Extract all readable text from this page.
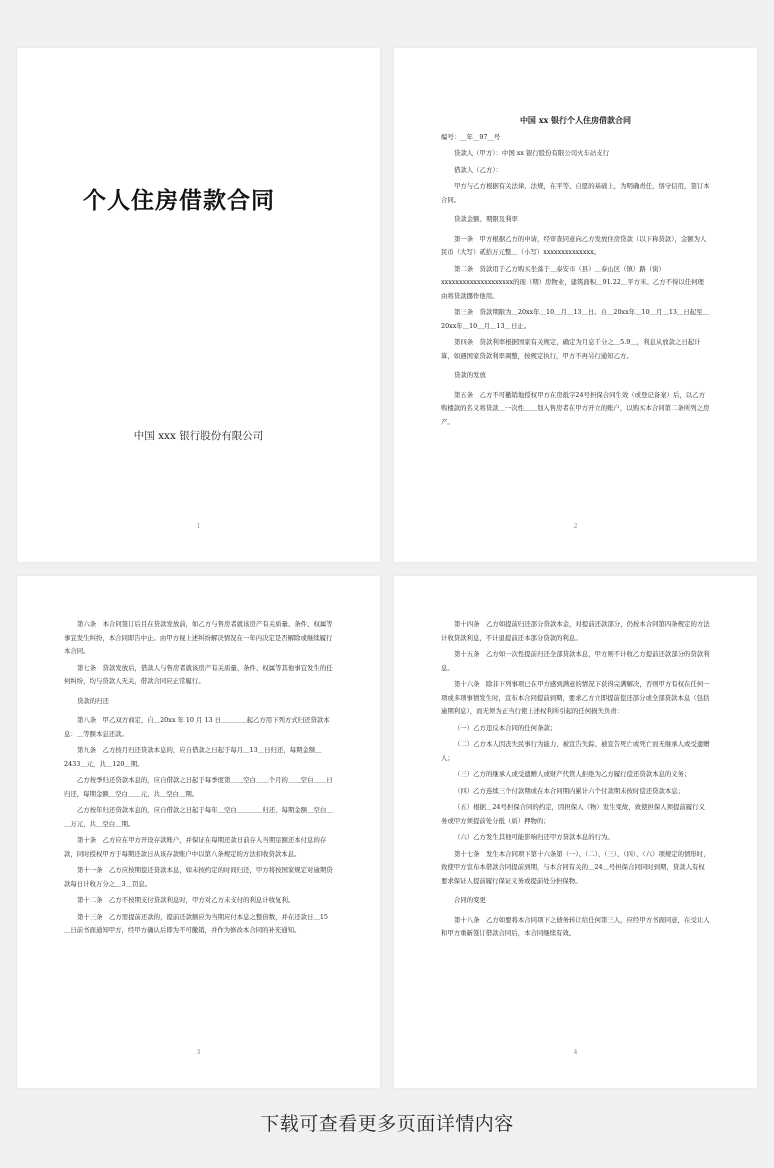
个人住房借款合同
中国 xxx 银行股份有限公司
1

中国 xx 银行个人住房借款合同

编号：__年__97__号

贷款人（甲方）：中国 xx 银行股份有限公司火车站支行

借款人（乙方）：

甲方与乙方根据有关法律、法规，在平等、自愿的基础上，为明确责任，恪守信用，签订本合同。

贷款金额、期限及利率

第一条　甲方根据乙方的申请，经审查同意向乙方发放住房贷款（以下称贷款），金额为人民币（大写）贰拾万元整＿（小写）xxxxxxxxxxxxxx。

第二条　贷款用于乙方购买坐落于＿泰安市（县）＿泰山区（镇）路（街）xxxxxxxxxxxxxxxxxxxx的现（期）房物业，建筑面积＿91.22＿平方米。乙方不得以任何理由将贷款挪作他用。

第三条　贷款期限为＿20xx年＿10＿月＿13＿日。自＿20xx年＿10＿月＿13＿日起至＿20xx年＿10＿月＿13＿日止。

第四条　贷款利率根据国家有关规定，确定为月息千分之＿5.9＿，利息从放款之日起计算，如遇国家贷款利率调整，按规定执行，甲方不再另行通知乙方。

贷款的发放

第五条　乙方不可撤销地授权甲方在房抵字24号担保合同生效（或登记备案）后，以乙方购楼款的名义将贷款＿一次性＿＿划入售房者在甲方开立的账户，以购买本合同第二条所列之房产。

2

第六条　本合同签订后且在贷款发放前，如乙方与售房者就该房产有关质量、条件、权属等事宜发生纠纷，本合同即告中止。由甲方视上述纠纷解决情况在一年内决定是否解除或继续履行本合同。

第七条　贷款发放后，借款人与售房者就该房产有关质量、条件、权属等其他事宜发生的任何纠纷，均与贷款人无关，借款合同应正常履行。

贷款的归还

第八条　甲乙双方商定，自＿20xx 年 10 月 13 日＿＿＿＿起乙方用下列方式归还贷款本息：＿等额本息还款。

第九条　乙方按月归还贷款本息的，应自借款之日起于每月＿13＿日归还，每期金额＿2433＿元，共＿120＿期。

乙方按季归还贷款本息的，应自借款之日起于每季度第＿＿空白＿＿个月的＿＿空白＿＿日归还，每期金额＿空白＿＿元，共＿空白＿期。

乙方按年归还贷款本息的，应自借款之日起于每年＿空白＿＿＿＿归还，每期金额＿空白＿＿万元，共＿空白＿期。

第十条　乙方应在甲方开设存款账户，并保证在每期还款日前存入当期足额还本付息的存款，同时授权甲方于每期还款日从该存款账户中以第八条规定的方法扣收贷款本息。

第十一条　乙方应按期偿还贷款本息，如未按约定的时间归还，甲方将按国家规定对逾期贷款每日计收万分之＿3＿罚息。

第十二条　乙方不按期支付贷款利息时，甲方对乙方未支付的利息计收复利。

第十三条　乙方需提前还款的，提前还款额应为当期应付本息之整倍数，并在还款日＿15＿日前书面通知甲方，经甲方确认后即为不可撤销，并作为修改本合同的补充通知。

3

第十四条　乙方如提前归还部分贷款本金，对提前还款部分，仍按本合同第四条规定的方法计收贷款利息，不计退提前还本部分贷款的利息。

第十五条　乙方如一次性提前归还全部贷款本息，甲方则不计收乙方提前还款部分的贷款利息。

第十六条　除非下列事项已在甲方感到满意的情况下获得完满解决，否则甲方有权在任何一项或多项事情发生时，宣布本合同提前到期，要求乙方立即提前偿还部分或全部贷款本息（包括逾期利息），而无须为正当行使上述权利所引起的任何损失负责：

（一）乙方违反本合同的任何条款；

（二）乙方本人因丧失民事行为能力、被宣告失踪、被宣告死亡或死亡而无继承人或受遗赠人；

（三）乙方的继承人或受遗赠人或财产代管人拒绝为乙方履行偿还贷款本息的义务；

（四）乙方连续三个付款期或在本合同期内累计六个付款期未按时偿还贷款本息；

（五）根据＿24号担保合同的约定，因担保人（物）发生变故，致使担保人须提前履行义务或甲方须提前处分抵（质）押物的；

（六）乙方发生其他可能影响归还甲方贷款本息的行为。

第十七条　发生本合同项下第十六条第（一）、（二）、（三）、（四）、（六）项规定的情形时，致使甲方宣布本借款合同提前到期，与本合同有关的＿24＿号担保合同同时到期，贷款人有权要求保证人提前履行保证义务或提前处分担保物。

合同的变更

第十八条　乙方如要将本合同项下之债务转让给任何第三人，应经甲方书面同意，在受让人和甲方重新签订借款合同后，本合同继续有效。

4
下载可查看更多页面详情内容
